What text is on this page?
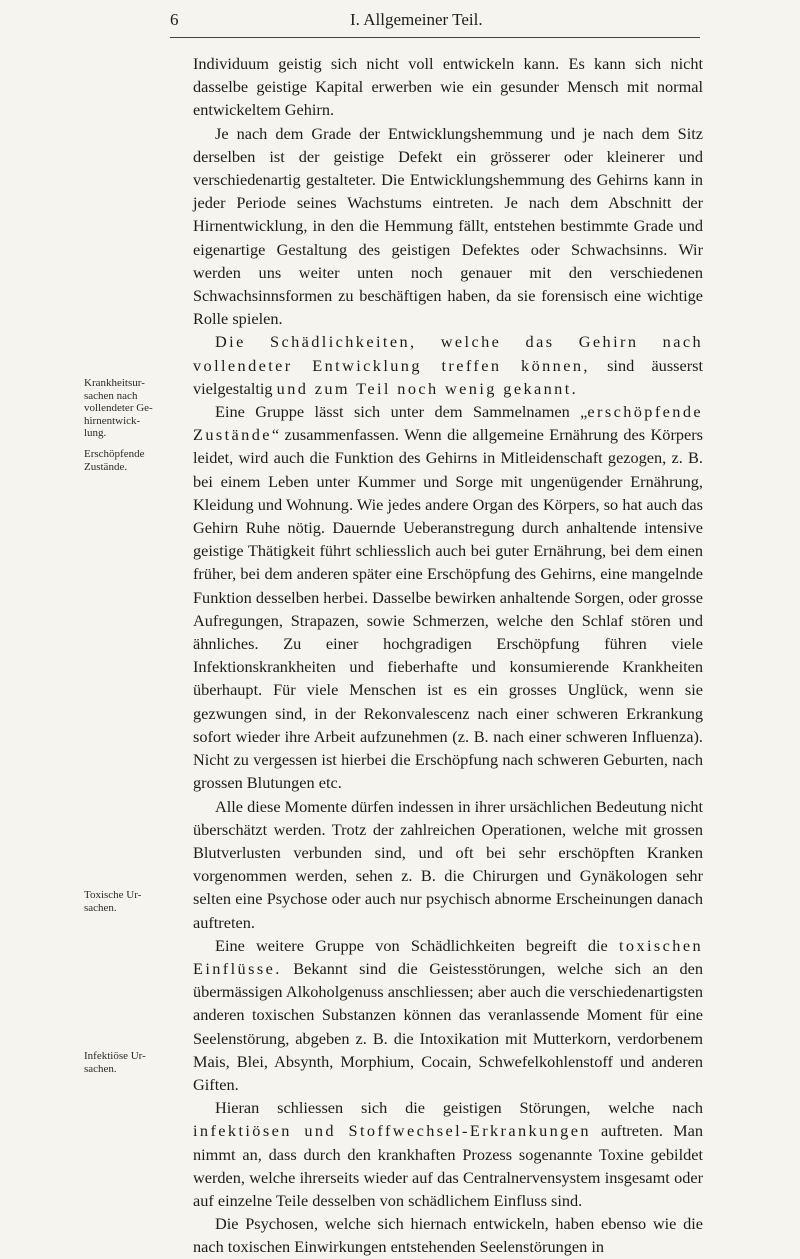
6	I. Allgemeiner Teil.
Krankheitsur-
sachen nach
vollendeter Ge-
hirnentwick-
lung.
Erschöpfende
Zustände.
Toxische Ur-
sachen.
Infektiöse Ur-
sachen.

Individuum geistig sich nicht voll entwickeln kann. Es kann sich nicht dasselbe geistige Kapital erwerben wie ein gesunder Mensch mit normal entwickeltem Gehirn.

Je nach dem Grade der Entwicklungshemmung und je nach dem Sitz derselben ist der geistige Defekt ein grösserer oder kleinerer und verschiedenartig gestalteter. Die Entwicklungshemmung des Gehirns kann in jeder Periode seines Wachstums eintreten. Je nach dem Abschnitt der Hirnentwicklung, in den die Hemmung fällt, entstehen bestimmte Grade und eigenartige Gestaltung des geistigen Defektes oder Schwachsinns. Wir werden uns weiter unten noch genauer mit den verschiedenen Schwachsinnsformen zu beschäftigen haben, da sie forensisch eine wichtige Rolle spielen.

Die Schädlichkeiten, welche das Gehirn nach vollendeter Entwicklung treffen können, sind äusserst vielgestaltig und zum Teil noch wenig gekannt.

Eine Gruppe lässt sich unter dem Sammelnamen „erschöpfende Zustände“ zusammenfassen. Wenn die allgemeine Ernährung des Körpers leidet, wird auch die Funktion des Gehirns in Mitleidenschaft gezogen, z. B. bei einem Leben unter Kummer und Sorge mit ungenügender Ernährung, Kleidung und Wohnung. Wie jedes andere Organ des Körpers, so hat auch das Gehirn Ruhe nötig. Dauernde Ueberanstregung durch anhaltende intensive geistige Thätigkeit führt schliesslich auch bei guter Ernährung, bei dem einen früher, bei dem anderen später eine Erschöpfung des Gehirns, eine mangelnde Funktion desselben herbei. Dasselbe bewirken anhaltende Sorgen, oder grosse Aufregungen, Strapazen, sowie Schmerzen, welche den Schlaf stören und ähnliches. Zu einer hochgradigen Erschöpfung führen viele Infektionskrankheiten und fieberhafte und konsumierende Krankheiten überhaupt. Für viele Menschen ist es ein grosses Unglück, wenn sie gezwungen sind, in der Rekonvalescenz nach einer schweren Erkrankung sofort wieder ihre Arbeit aufzunehmen (z. B. nach einer schweren Influenza). Nicht zu vergessen ist hierbei die Erschöpfung nach schweren Geburten, nach grossen Blutungen etc.

Alle diese Momente dürfen indessen in ihrer ursächlichen Bedeutung nicht überschätzt werden. Trotz der zahlreichen Operationen, welche mit grossen Blutverlusten verbunden sind, und oft bei sehr erschöpften Kranken vorgenommen werden, sehen z. B. die Chirurgen und Gynäkologen sehr selten eine Psychose oder auch nur psychisch abnorme Erscheinungen danach auftreten.

Eine weitere Gruppe von Schädlichkeiten begreift die toxischen Einflüsse. Bekannt sind die Geistesstörungen, welche sich an den übermässigen Alkoholgenuss anschliessen; aber auch die verschiedenartigsten anderen toxischen Substanzen können das veranlassende Moment für eine Seelenstörung, abgeben z. B. die Intoxikation mit Mutterkorn, verdorbenem Mais, Blei, Absynth, Morphium, Cocain, Schwefelkohlenstoff und anderen Giften.

Hieran schliessen sich die geistigen Störungen, welche nach infektiösen und Stoffwechsel-Erkrankungen auftreten. Man nimmt an, dass durch den krankhaften Prozess sogenannte Toxine gebildet werden, welche ihrerseits wieder auf das Centralnervensystem insgesamt oder auf einzelne Teile desselben von schädlichem Einfluss sind.

Die Psychosen, welche sich hiernach entwickeln, haben ebenso wie die nach toxischen Einwirkungen entstehenden Seelenstörungen in
